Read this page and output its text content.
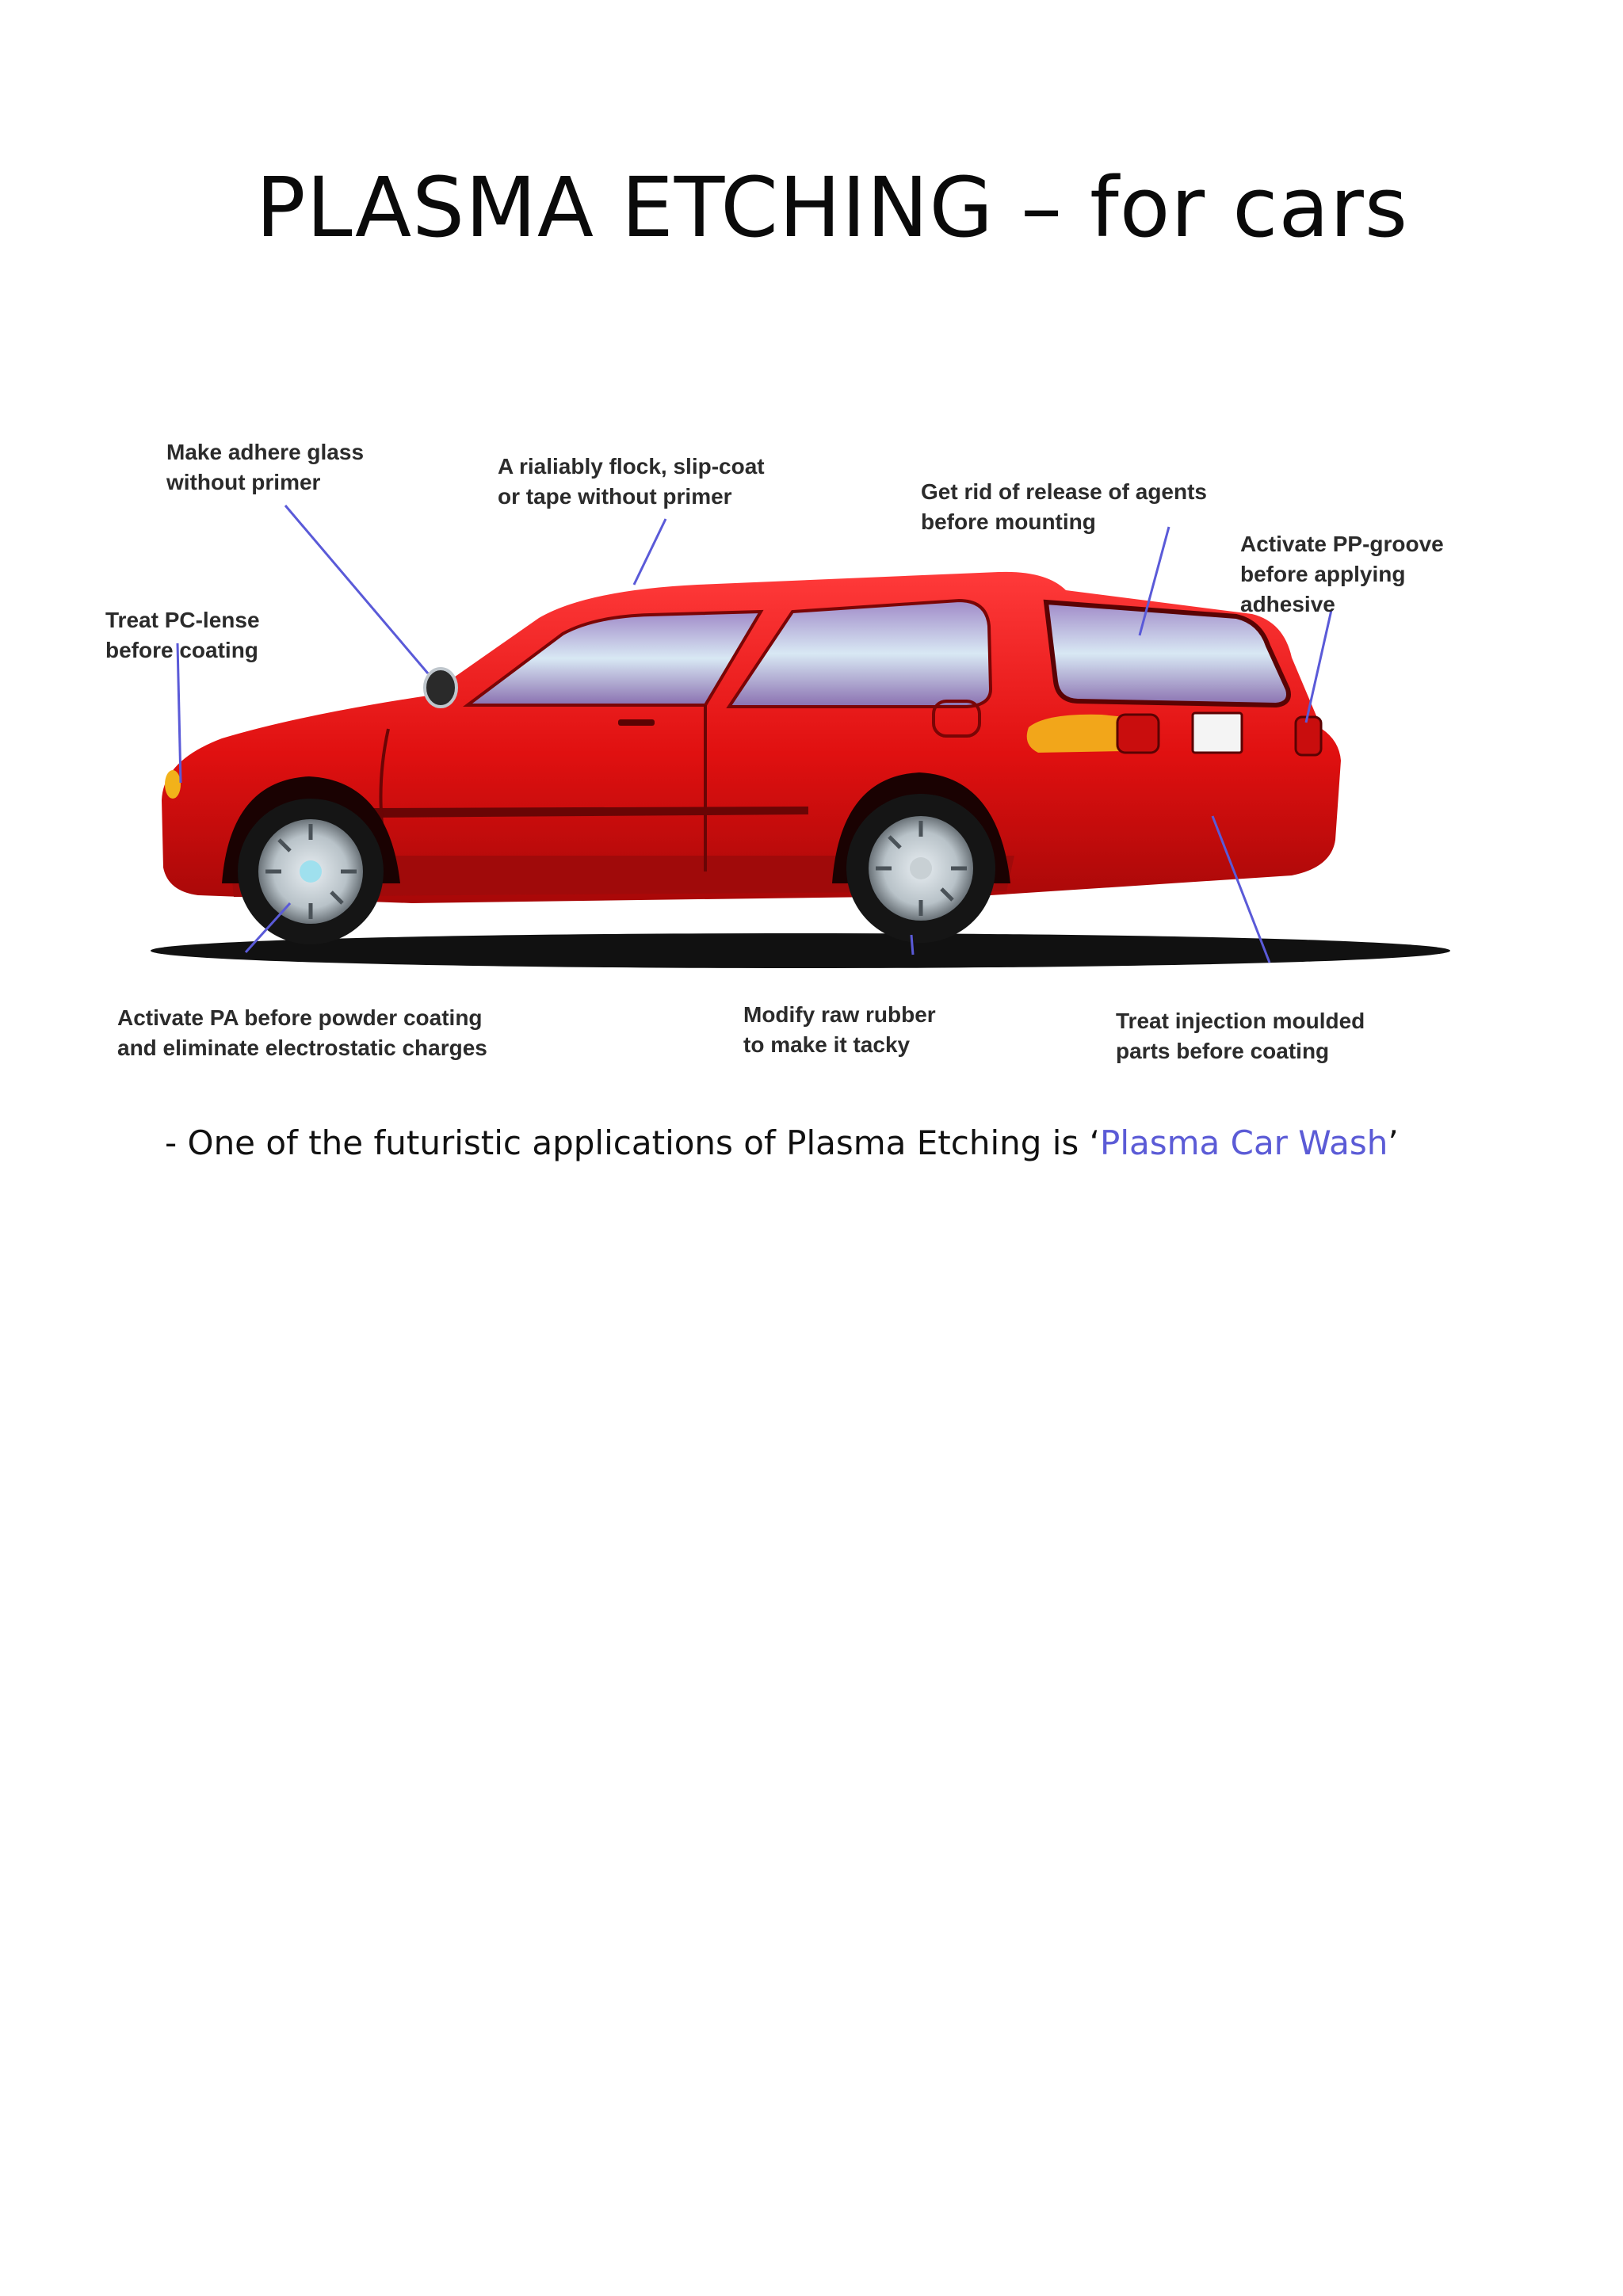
PLASMA ETCHING – for cars
Make adhere glass
without primer
A rialiably flock, slip-coat
or tape without primer	Get rid of release of agents
before mounting
Activate PP-groove
before applying
adhesive
Treat PC-lense
before coating
Activate PA before powder coating
and eliminate electrostatic charges
Modify raw rubber
to make it tacky
Treat injection moulded
parts before coating
- One of the futuristic applications of Plasma Etching is ‘Plasma Car Wash’
